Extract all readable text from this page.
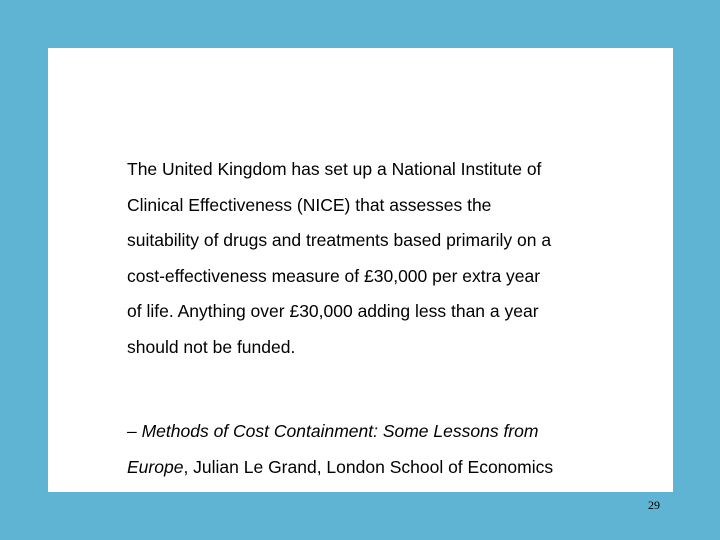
The United Kingdom has set up a National Institute of
Clinical Effectiveness (NICE) that assesses the
suitability of drugs and treatments based primarily on a
cost-effectiveness measure of £30,000 per extra year
of life. Anything over £30,000 adding less than a year
should not be funded.
– Methods of Cost Containment: Some Lessons from
Europe, Julian Le Grand, London School of Economics
29
